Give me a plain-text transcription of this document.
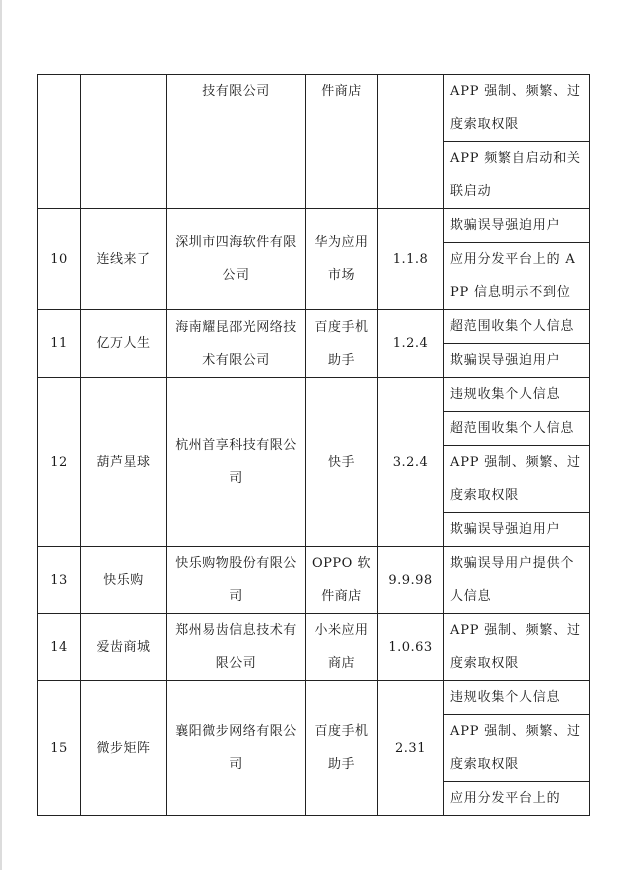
		技有限公司	件商店		APP 强制、频繁、过度索取权限

					APP 频繁自启动和关联启动

10	连线来了	深圳市四海软件有限公司	华为应用市场	1.1.8	欺骗误导强迫用户

					应用分发平台上的 APP 信息明示不到位

11	亿万人生	海南耀昆邵光网络技术有限公司	百度手机助手	1.2.4	超范围收集个人信息

					欺骗误导强迫用户

12	葫芦星球	杭州首享科技有限公司	快手	3.2.4	违规收集个人信息

					超范围收集个人信息

					APP 强制、频繁、过度索取权限

					欺骗误导强迫用户

13	快乐购	快乐购物股份有限公司	OPPO 软件商店	9.9.98	欺骗误导用户提供个人信息

14	爱齿商城	郑州易齿信息技术有限公司	小米应用商店	1.0.63	APP 强制、频繁、过度索取权限

15	微步矩阵	襄阳微步网络有限公司	百度手机助手	2.31	违规收集个人信息

					APP 强制、频繁、过度索取权限

					应用分发平台上的
